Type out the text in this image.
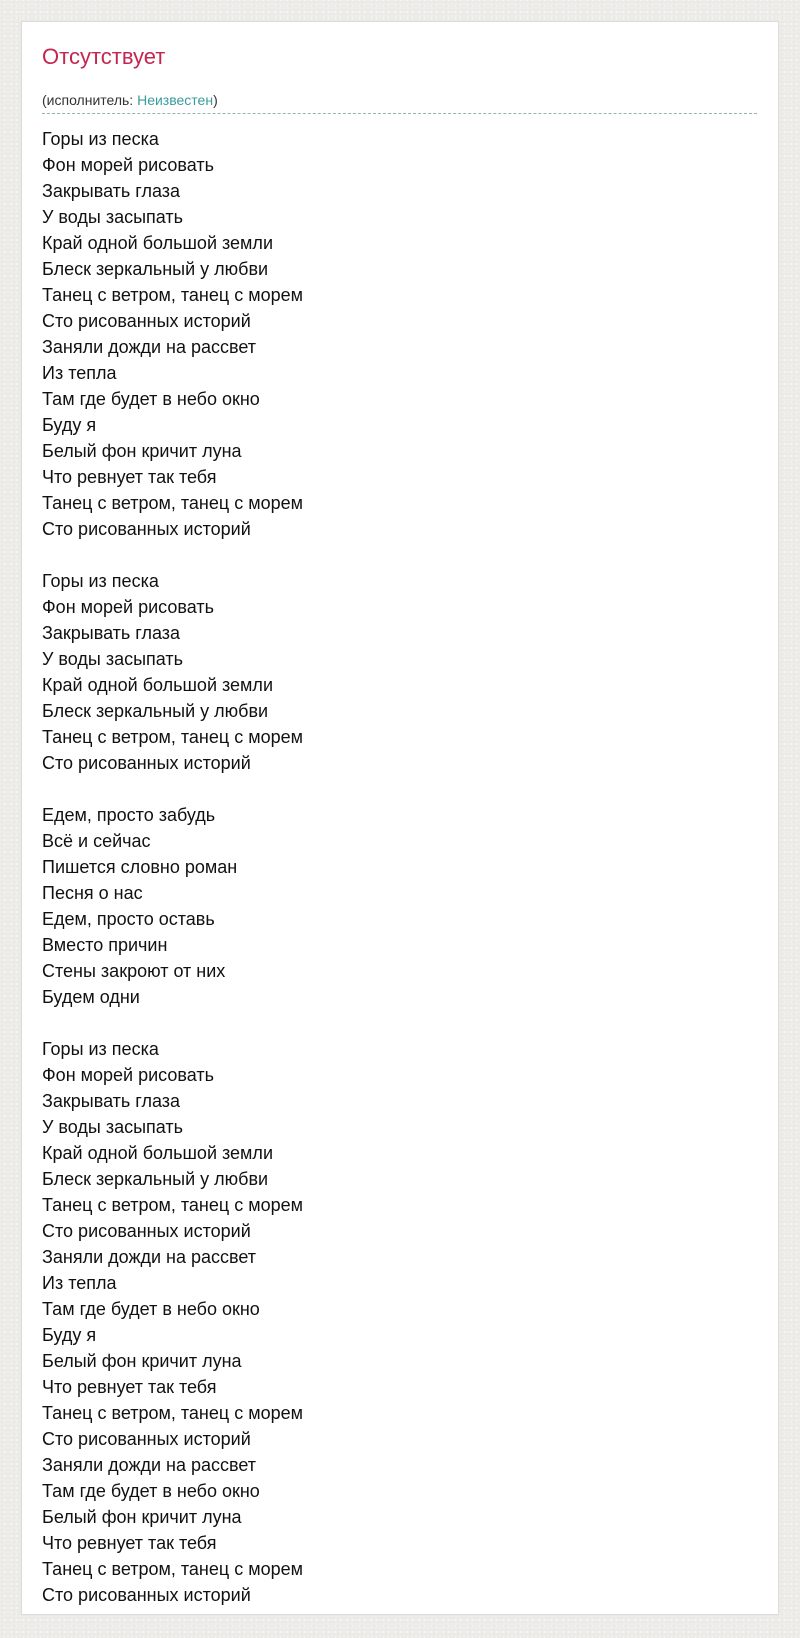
Отсутствует
(исполнитель: Неизвестен)
Горы из песка
Фон морей рисовать
Закрывать глаза
У воды засыпать
Край одной большой земли
Блеск зеркальный у любви
Танец с ветром, танец с морем
Сто рисованных историй
Заняли дожди на рассвет
Из тепла
Там где будет в небо окно
Буду я
Белый фон кричит луна
Что ревнует так тебя
Танец с ветром, танец с морем
Сто рисованных историй
Горы из песка
Фон морей рисовать
Закрывать глаза
У воды засыпать
Край одной большой земли
Блеск зеркальный у любви
Танец с ветром, танец с морем
Сто рисованных историй
Едем, просто забудь
Всё и сейчас
Пишется словно роман
Песня о нас
Едем, просто оставь
Вместо причин
Стены закроют от них
Будем одни
Горы из песка
Фон морей рисовать
Закрывать глаза
У воды засыпать
Край одной большой земли
Блеск зеркальный у любви
Танец с ветром, танец с морем
Сто рисованных историй
Заняли дожди на рассвет
Из тепла
Там где будет в небо окно
Буду я
Белый фон кричит луна
Что ревнует так тебя
Танец с ветром, танец с морем
Сто рисованных историй
Заняли дожди на рассвет
Там где будет в небо окно
Белый фон кричит луна
Что ревнует так тебя
Танец с ветром, танец с морем
Сто рисованных историй
